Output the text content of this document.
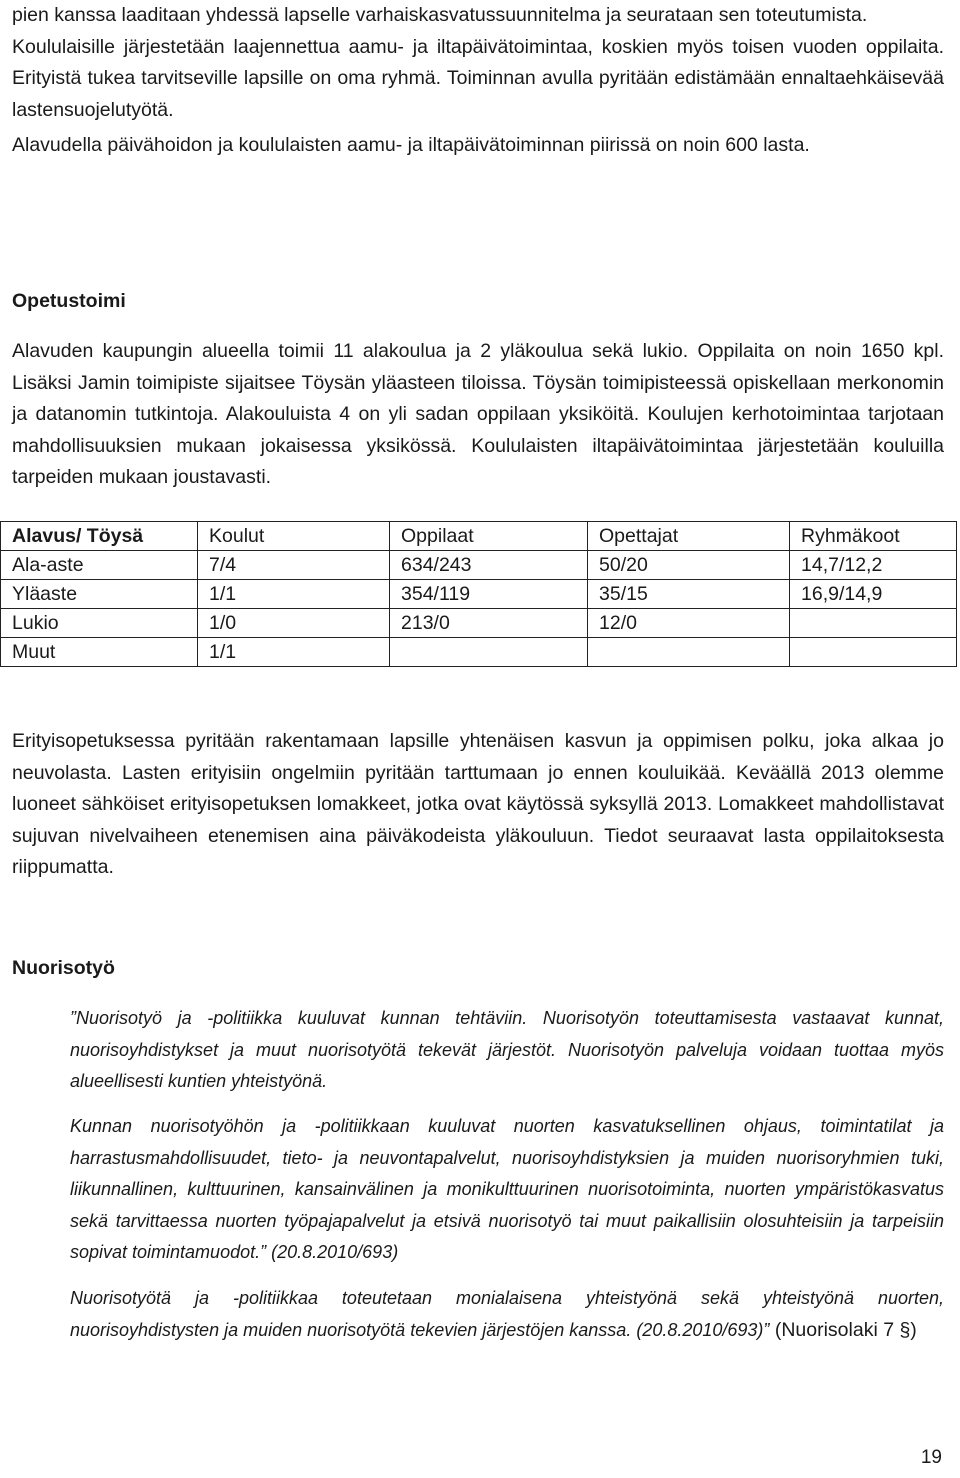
pien kanssa laaditaan yhdessä lapselle varhaiskasvatussuunnitelma ja seurataan sen toteutumista.

Koululaisille järjestetään laajennettua aamu- ja iltapäivätoimintaa, koskien myös toisen vuoden oppilaita. Erityistä tukea tarvitseville lapsille on oma ryhmä. Toiminnan avulla pyritään edistämään ennaltaehkäisevää lastensuojelutyötä.

Alavudella päivähoidon ja koululaisten aamu- ja iltapäivätoiminnan piirissä on noin 600 lasta.

Opetustoimi

Alavuden kaupungin alueella toimii 11 alakoulua ja 2 yläkoulua sekä lukio. Oppilaita on noin 1650 kpl. Lisäksi Jamin toimipiste sijaitsee Töysän yläasteen tiloissa. Töysän toimipisteessä opiskellaan merkonomin ja datanomin tutkintoja. Alakouluista 4 on yli sadan oppilaan yksiköitä. Koulujen kerhotoimintaa tarjotaan mahdollisuuksien mukaan jokaisessa yksikössä. Koululaisten iltapäivätoimintaa järjestetään kouluilla tarpeiden mukaan joustavasti.

Alavus/ Töysä	Koulut	Oppilaat	Opettajat	Ryhmäkoot
Ala-aste	7/4	634/243	50/20	14,7/12,2
Yläaste	1/1	354/119	35/15	16,9/14,9
Lukio	1/0	213/0	12/0	
Muut	1/1			

Erityisopetuksessa pyritään rakentamaan lapsille yhtenäisen kasvun ja oppimisen polku, joka alkaa jo neuvolasta. Lasten erityisiin ongelmiin pyritään tarttumaan jo ennen kouluikää. Keväällä 2013 olemme luoneet sähköiset erityisopetuksen lomakkeet, jotka ovat käytössä syksyllä 2013. Lomakkeet mahdollistavat sujuvan nivelvaiheen etenemisen aina päiväkodeista yläkouluun. Tiedot seuraavat lasta oppilaitoksesta riippumatta.

Nuorisotyö

”Nuorisotyö ja -politiikka kuuluvat kunnan tehtäviin. Nuorisotyön toteuttamisesta vastaavat kunnat, nuorisoyhdistykset ja muut nuorisotyötä tekevät järjestöt. Nuorisotyön palveluja voidaan tuottaa myös alueellisesti kuntien yhteistyönä.

Kunnan nuorisotyöhön ja -politiikkaan kuuluvat nuorten kasvatuksellinen ohjaus, toimintatilat ja harrastusmahdollisuudet, tieto- ja neuvontapalvelut, nuorisoyhdistyksien ja muiden nuorisoryhmien tuki, liikunnallinen, kulttuurinen, kansainvälinen ja monikulttuurinen nuorisotoiminta, nuorten ympäristökasvatus sekä tarvittaessa nuorten työpajapalvelut ja etsivä nuorisotyö tai muut paikallisiin olosuhteisiin ja tarpeisiin sopivat toimintamuodot.” (20.8.2010/693)

Nuorisotyötä ja -politiikkaa toteutetaan monialaisena yhteistyönä sekä yhteistyönä nuorten, nuorisoyhdistysten ja muiden nuorisotyötä tekevien järjestöjen kanssa. (20.8.2010/693)” (Nuorisolaki 7 §)

19
